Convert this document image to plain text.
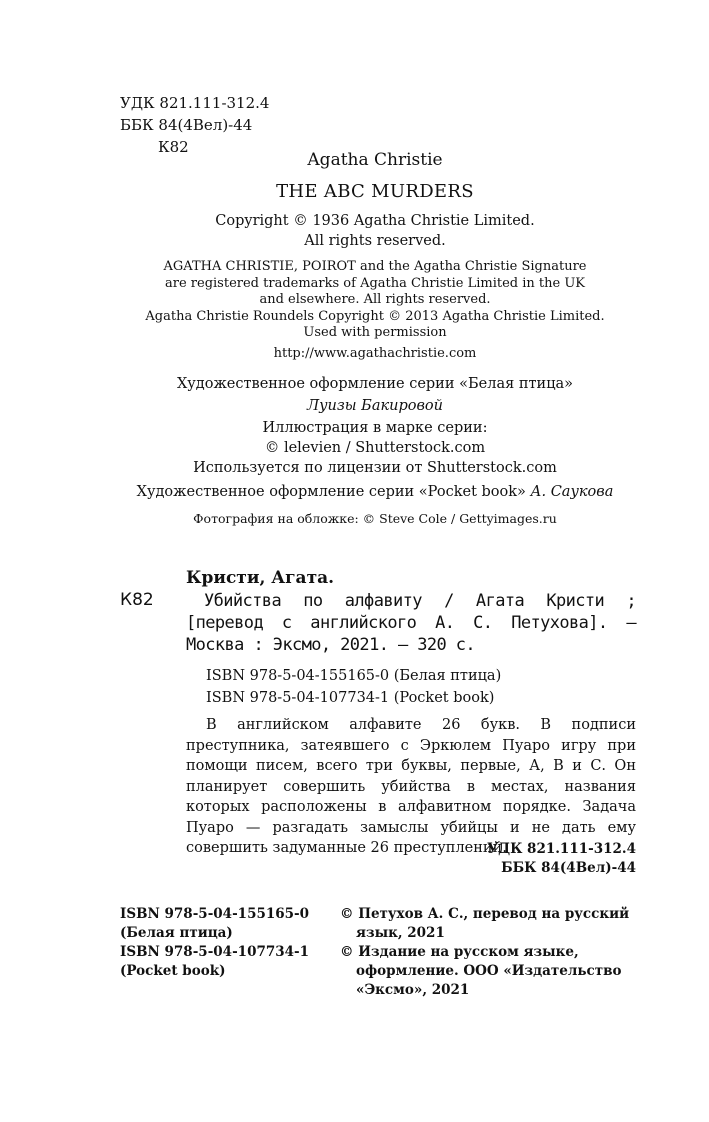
УДК 821.111-312.4
ББК 84(4Вел)-44
К82
Agatha Christie
THE ABC MURDERS
Copyright © 1936 Agatha Christie Limited.
All rights reserved.
AGATHA CHRISTIE, POIROT and the Agatha Christie Signature
are registered trademarks of Agatha Christie Limited in the UK
and elsewhere. All rights reserved.
Agatha Christie Roundels Copyright © 2013 Agatha Christie Limited.
Used with permission
http://www.agathachristie.com
Художественное оформление серии «Белая птица»
Луизы Бакировой
Иллюстрация в марке серии:
© lelevien / Shutterstock.com
Используется по лицензии от Shutterstock.com
Художественное оформление серии «Pocket book» А. Саукова
Фотография на обложке: © Steve Cole / Gettyimages.ru
К82
Кристи, Агата.
Убийства по алфавиту / Агата Кристи ; [перевод с английского А. С. Петухова]. — Москва : Эксмо, 2021. — 320 с.
ISBN 978-5-04-155165-0 (Белая птица)
ISBN 978-5-04-107734-1 (Pocket book)
В английском алфавите 26 букв. В подписи преступника, затеявшего с Эркюлем Пуаро игру при помощи писем, всего три буквы, первые, А, В и С. Он планирует совершить убийства в местах, названия которых расположены в алфавитном порядке. Задача Пуаро — разгадать замыслы убийцы и не дать ему совершить задуманные 26 преступлений.
УДК 821.111-312.4
ББК 84(4Вел)-44
ISBN 978-5-04-155165-0
(Белая птица)
ISBN 978-5-04-107734-1
(Pocket book)
© Петухов А. С., перевод на русский язык, 2021
© Издание на русском языке, оформление. ООО «Издательство «Эксмо», 2021
